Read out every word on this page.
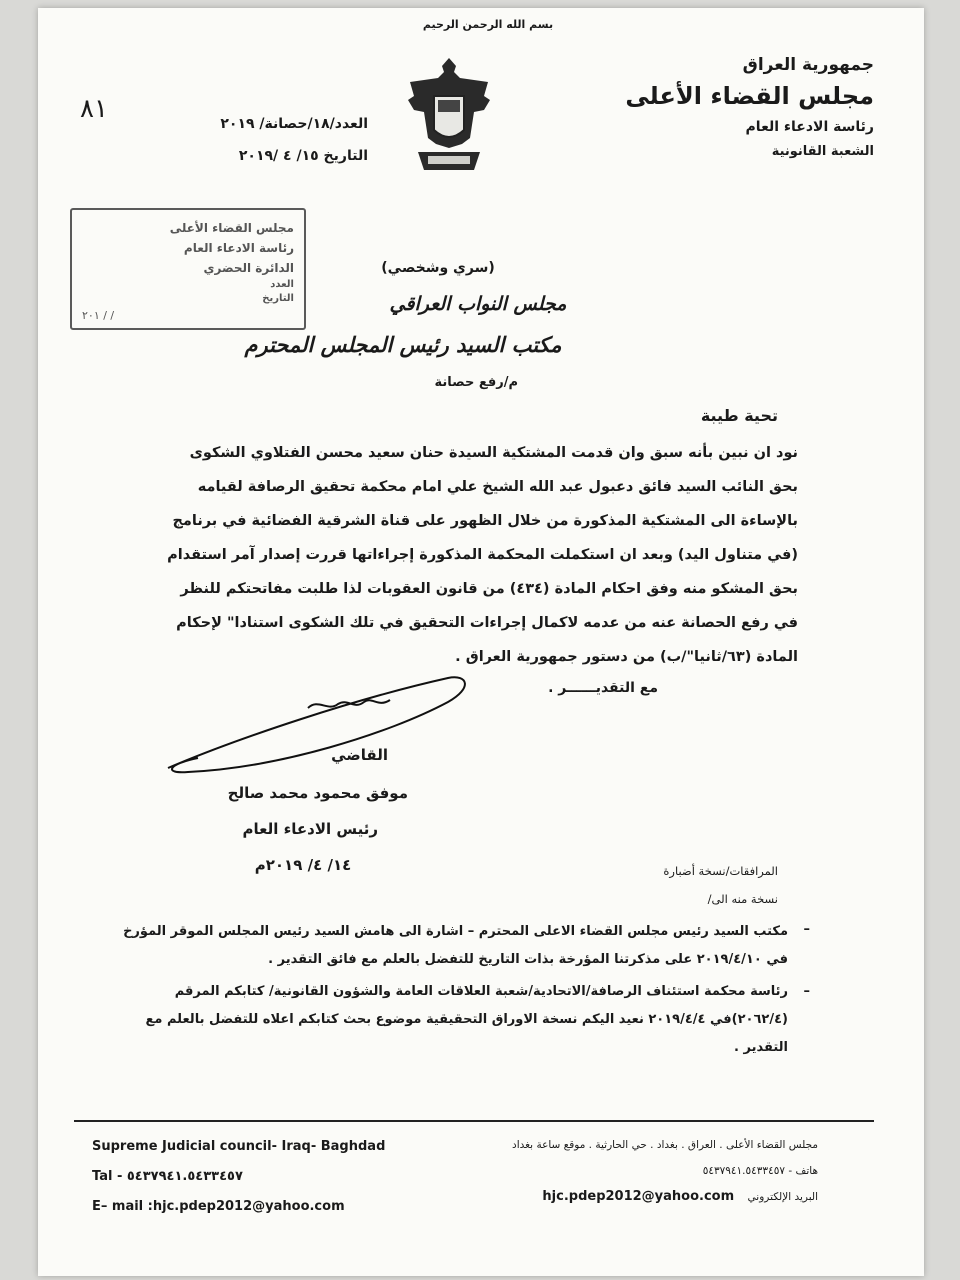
بسم الله الرحمن الرحيم
جمهورية العراق
مجلس القضاء الأعلى
رئاسة الادعاء العام
الشعبة القانونية
٨١	العدد/١٨/حصانة/ ٢٠١٩
التاريخ ١٥/ ٤ /٢٠١٩
مجلس القضاء الأعلى
رئاسة الادعاء العام
الدائرة الحضري
العدد
التاريخ
٢٠١ / /
(سري وشخصي)
مجلس النواب العراقي
مكتب السيد رئيس المجلس المحترم
م/رفع حصانة
تحية طيبة

نود ان نبين بأنه سبق وان قدمت المشتكية السيدة حنان سعيد محسن الفتلاوي الشكوى

بحق النائب السيد فائق دعبول عبد الله الشيخ علي امام محكمة تحقيق الرصافة لقيامه

بالإساءة الى المشتكية المذكورة من خلال الظهور على قناة الشرقية الفضائية في برنامج

(في متناول اليد) وبعد ان استكملت المحكمة المذكورة إجراءاتها قررت إصدار آمر استقدام

بحق المشكو منه وفق احكام المادة (٤٣٤) من قانون العقوبات لذا طلبت مفاتحتكم للنظر

في رفع الحصانة عنه من عدمه لاكمال إجراءات التحقيق في تلك الشكوى استنادا" لإحكام

المادة (٦٣/ثانيا"/ب) من دستور جمهورية العراق .

مع التقديــــــر .
القاضي
موفق محمود محمد صالح
رئيس الادعاء العام
١٤/ ٤/ ٢٠١٩م	المرافقات/نسخة أضبارة
نسخة منه الى/
–
مكتب السيد رئيس مجلس القضاء الاعلى المحترم – اشارة الى هامش السيد رئيس المجلس الموقر المؤرخ في ٢٠١٩/٤/١٠ على مذكرتنا المؤرخة بذات التاريخ للتفضل بالعلم مع فائق التقدير .
–
رئاسة محكمة استئناف الرصافة/الاتحادية/شعبة العلاقات العامة والشؤون القانونية/ كتابكم المرقم (٢٠٦٢/٤)في ٢٠١٩/٤/٤ نعيد اليكم نسخة الاوراق التحقيقية موضوع بحث كتابكم اعلاه للتفضل بالعلم مع التقدير .
Supreme Judicial council- Iraq- Baghdad
Tal - ٥٤٣٧٩٤١.٥٤٣٣٤٥٧
E– mail :hjc.pdep2012@yahoo.com
مجلس القضاء الأعلى . العراق . بغداد . حي الحارثية . موقع ساعة بغداد
هاتف - ٥٤٣٧٩٤١.٥٤٣٣٤٥٧
البريد الإلكتروني    hjc.pdep2012@yahoo.com
